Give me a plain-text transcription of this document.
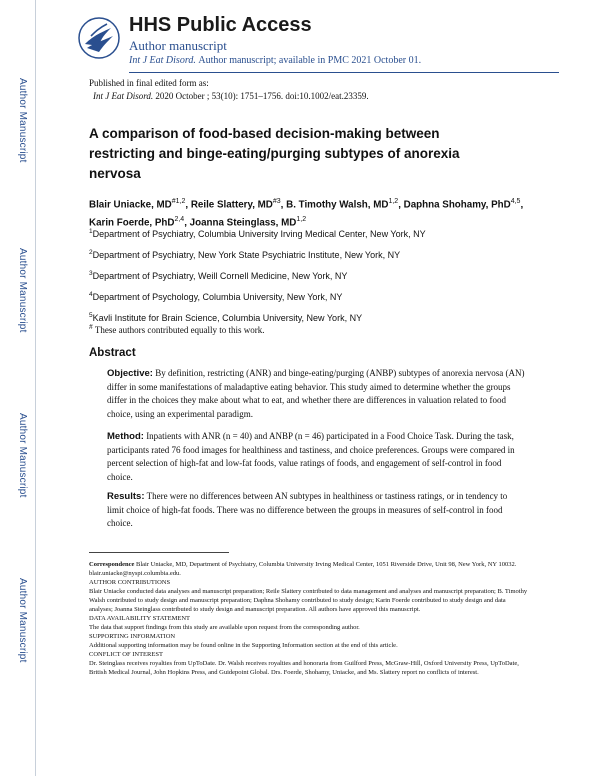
Author Manuscript
Author Manuscript
Author Manuscript
Author Manuscript
HHS Public Access
Author manuscript
Int J Eat Disord. Author manuscript; available in PMC 2021 October 01.
Published in final edited form as:
Int J Eat Disord. 2020 October ; 53(10): 1751–1756. doi:10.1002/eat.23359.
A comparison of food-based decision-making between restricting and binge-eating/purging subtypes of anorexia nervosa

Blair Uniacke, MD$^{\#1,2}$, Reile Slattery, MD$^{\#3}$, B. Timothy Walsh, MD$^{1,2}$, Daphna Shohamy, PhD$^{4,5}$, Karin Foerde, PhD$^{2,4}$, Joanna Steinglass, MD$^{1,2}$

$^1$Department of Psychiatry, Columbia University Irving Medical Center, New York, NY
$^2$Department of Psychiatry, New York State Psychiatric Institute, New York, NY
$^3$Department of Psychiatry, Weill Cornell Medicine, New York, NY
$^4$Department of Psychology, Columbia University, New York, NY
$^5$Kavli Institute for Brain Science, Columbia University, New York, NY
# These authors contributed equally to this work.
Abstract

Objective: By definition, restricting (ANR) and binge-eating/purging (ANBP) subtypes of anorexia nervosa (AN) differ in some manifestations of maladaptive eating behavior. This study aimed to determine whether the groups differ in the choices they make about what to eat, and whether there are differences in valuation related to food choice, using an experimental paradigm.

Method: Inpatients with ANR (n = 40) and ANBP (n = 46) participated in a Food Choice Task. During the task, participants rated 76 food images for healthiness and tastiness, and choice preferences. Groups were compared in percent selection of high-fat and low-fat foods, value ratings of foods, and engagement of self-control in food choice.

Results: There were no differences between AN subtypes in healthiness or tastiness ratings, or in tendency to limit choice of high-fat foods. There was no difference between the groups in measures of self-control in food choice.

Correspondence Blair Uniacke, MD, Department of Psychiatry, Columbia University Irving Medical Center, 1051 Riverside Drive, Unit 98, New York, NY 10032. blair.uniacke@nyspi.columbia.edu.

AUTHOR CONTRIBUTIONS

Blair Uniacke conducted data analyses and manuscript preparation; Reile Slattery contributed to data management and analyses and manuscript preparation; B. Timothy Walsh contributed to study design and manuscript preparation; Daphna Shohamy contributed to study design; Karin Foerde contributed to study design and data analyses; Joanna Steinglass contributed to study design and manuscript preparation. All authors have approved this manuscript.

DATA AVAILABILITY STATEMENT

The data that support findings from this study are available upon request from the corresponding author.

SUPPORTING INFORMATION

Additional supporting information may be found online in the Supporting Information section at the end of this article.

CONFLICT OF INTEREST

Dr. Steinglass receives royalties from UpToDate. Dr. Walsh receives royalties and honoraria from Guilford Press, McGraw-Hill, Oxford University Press, UpToDate, British Medical Journal, John Hopkins Press, and Guidepoint Global. Drs. Foerde, Shohamy, Uniacke, and Ms. Slattery report no conflicts of interest.
